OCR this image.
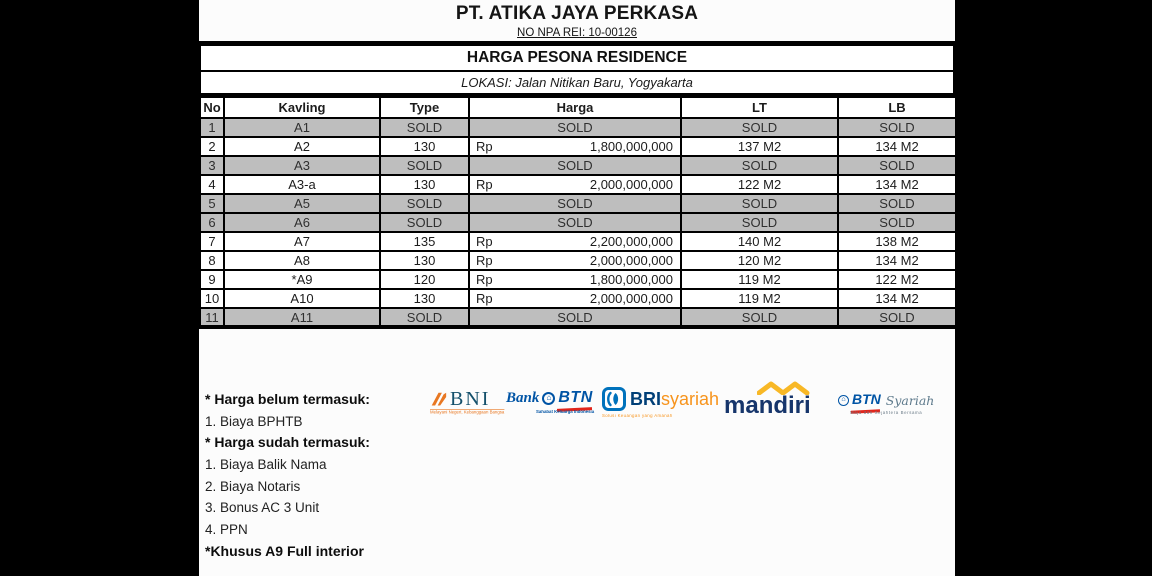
PT. ATIKA JAYA PERKASA
NO NPA REI: 10-00126
HARGA PESONA RESIDENCE
LOKASI: Jalan Nitikan Baru, Yogyakarta
No	Kavling	Type	Harga	LT	LB
1	A1	SOLD	SOLD	SOLD	SOLD
2	A2	130	Rp 1,800,000,000	137 M2	134 M2
3	A3	SOLD	SOLD	SOLD	SOLD
4	A3-a	130	Rp 2,000,000,000	122 M2	134 M2
5	A5	SOLD	SOLD	SOLD	SOLD
6	A6	SOLD	SOLD	SOLD	SOLD
7	A7	135	Rp 2,200,000,000	140 M2	138 M2
8	A8	130	Rp 2,000,000,000	120 M2	134 M2
9	*A9	120	Rp 1,800,000,000	119 M2	122 M2
10	A10	130	Rp 2,000,000,000	119 M2	134 M2
11	A11	SOLD	SOLD	SOLD	SOLD
* Harga belum termasuk:
1. Biaya BPHTB
* Harga sudah termasuk:
1. Biaya Balik Nama
2. Biaya Notaris
3. Bonus AC 3 Unit
4. PPN
*Khusus A9 Full interior
BNI
Melayani Negeri, Kebanggaan Bangsa
Bank ⌂ BTN
Sahabat Keluarga Indonesia
BRIsyariah
Solusi Keuangan yang Amanah mandiri	⌂ BTN Syariah
Maju dan Sejahtera Bersama
